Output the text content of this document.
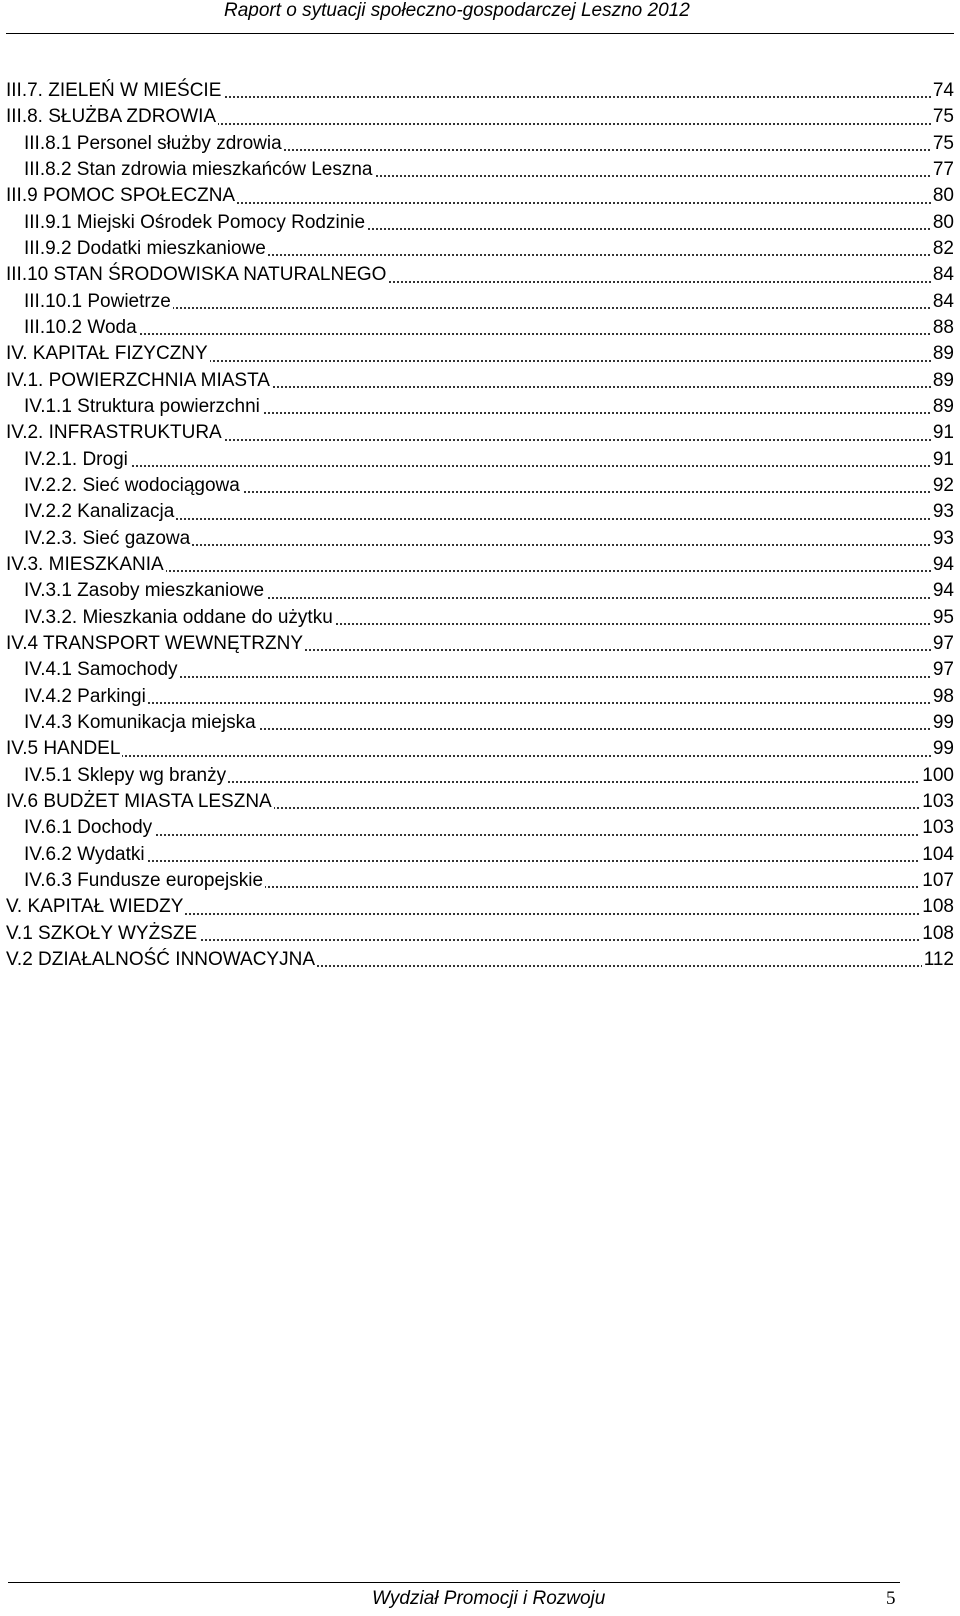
Raport o sytuacji społeczno-gospodarczej Leszno 2012
III.7. ZIELEŃ W MIEŚCIE	74
III.8. SŁUŻBA ZDROWIA	75
III.8.1 Personel służby zdrowia	75
III.8.2 Stan zdrowia mieszkańców Leszna	77
III.9 POMOC SPOŁECZNA	80
III.9.1 Miejski Ośrodek Pomocy Rodzinie	80
III.9.2 Dodatki mieszkaniowe	82
III.10 STAN ŚRODOWISKA NATURALNEGO	84
III.10.1 Powietrze	84
III.10.2 Woda	88
IV. KAPITAŁ FIZYCZNY	89
IV.1. POWIERZCHNIA MIASTA	89
IV.1.1 Struktura powierzchni	89
IV.2. INFRASTRUKTURA	91
IV.2.1. Drogi	91
IV.2.2. Sieć wodociągowa	92
IV.2.2 Kanalizacja	93
IV.2.3. Sieć gazowa	93
IV.3. MIESZKANIA	94
IV.3.1 Zasoby mieszkaniowe	94
IV.3.2. Mieszkania oddane do użytku	95
IV.4 TRANSPORT WEWNĘTRZNY	97
IV.4.1 Samochody	97
IV.4.2 Parkingi	98
IV.4.3 Komunikacja miejska	99
IV.5 HANDEL	99
IV.5.1 Sklepy wg branży	100
IV.6 BUDŻET MIASTA LESZNA	103
IV.6.1 Dochody	103
IV.6.2 Wydatki	104
IV.6.3 Fundusze europejskie	107
V. KAPITAŁ WIEDZY	108
V.1 SZKOŁY WYŻSZE	108
V.2 DZIAŁALNOŚĆ INNOWACYJNA	112
Wydział Promocji i Rozwoju	5
